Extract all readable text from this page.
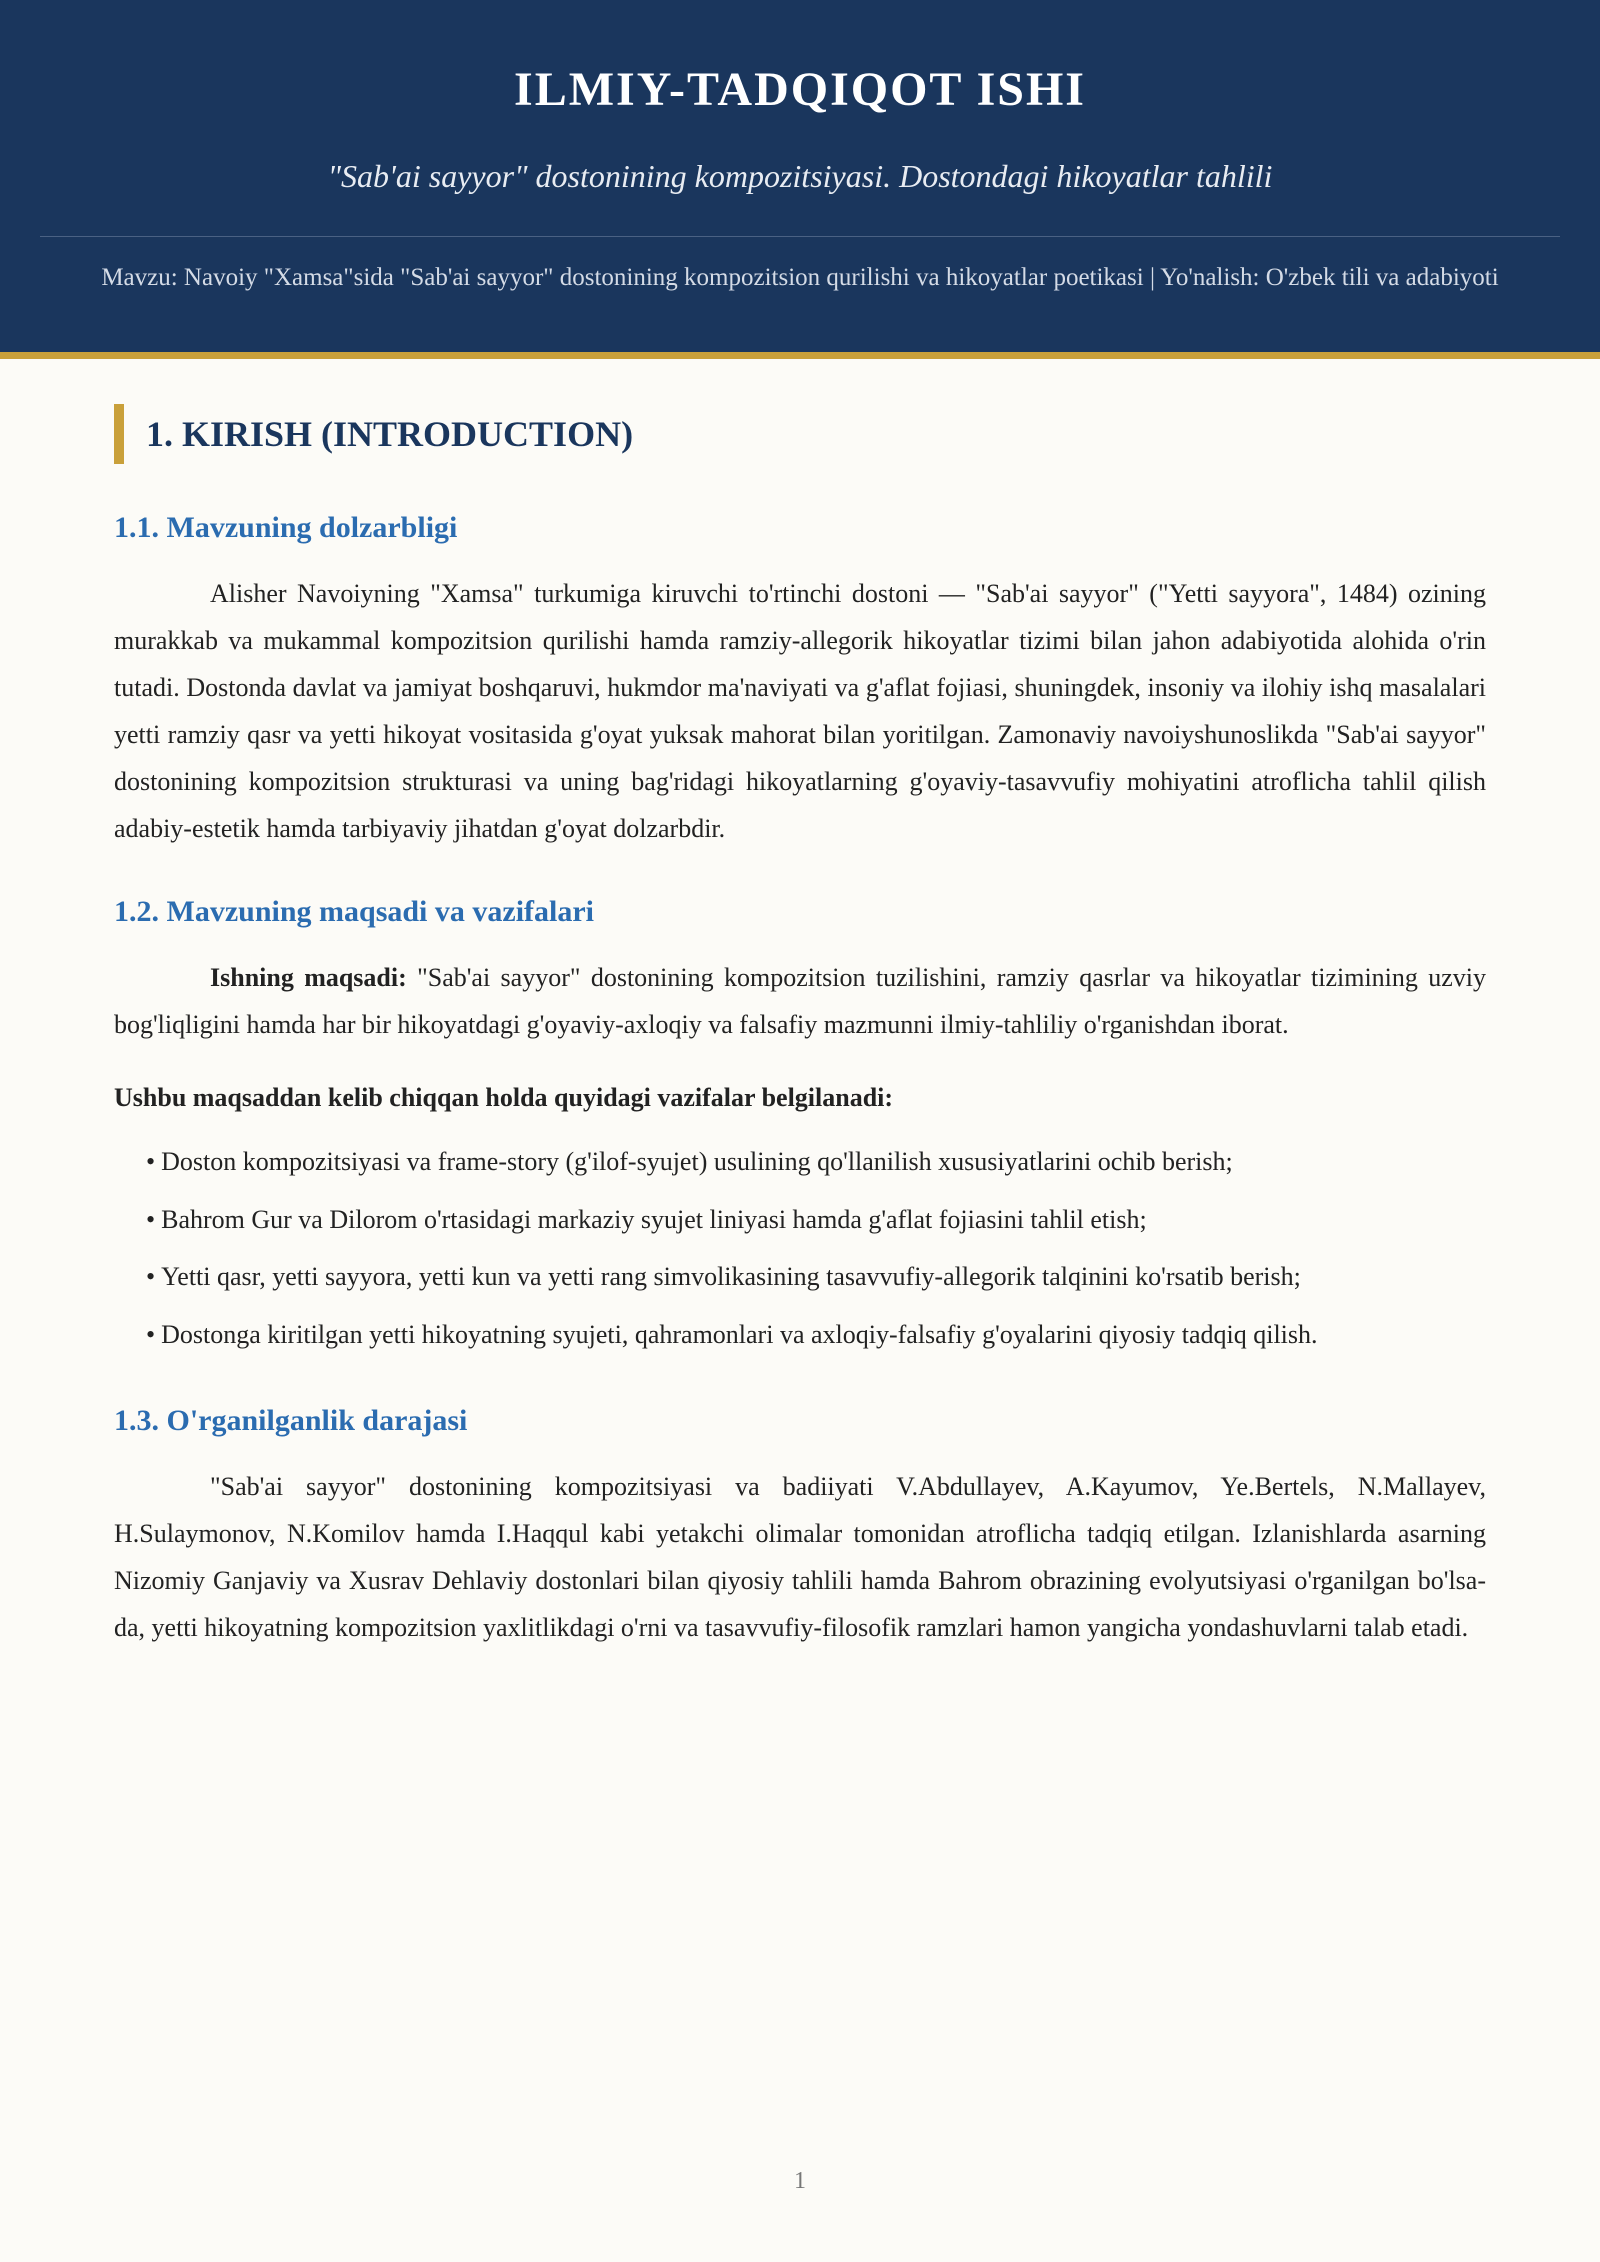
ILMIY-TADQIQOT ISHI

"Sab'ai sayyor" dostonining kompozitsiyasi. Dostondagi hikoyatlar tahlili

Mavzu: Navoiy "Xamsa"sida "Sab'ai sayyor" dostonining kompozitsion qurilishi va hikoyatlar poetikasi | Yo'nalish: O'zbek tili va adabiyoti

1. KIRISH (INTRODUCTION)
1.1. Mavzuning dolzarbligi

Alisher Navoiyning "Xamsa" turkumiga kiruvchi to'rtinchi dostoni — "Sab'ai sayyor" ("Yetti sayyora", 1484) ozining murakkab va mukammal kompozitsion qurilishi hamda ramziy-allegorik hikoyatlar tizimi bilan jahon adabiyotida alohida o'rin tutadi. Dostonda davlat va jamiyat boshqaruvi, hukmdor ma'naviyati va g'aflat fojiasi, shuningdek, insoniy va ilohiy ishq masalalari yetti ramziy qasr va yetti hikoyat vositasida g'oyat yuksak mahorat bilan yoritilgan. Zamonaviy navoiyshunoslikda "Sab'ai sayyor" dostonining kompozitsion strukturasi va uning bag'ridagi hikoyatlarning g'oyaviy-tasavvufiy mohiyatini atroflicha tahlil qilish adabiy-estetik hamda tarbiyaviy jihatdan g'oyat dolzarbdir.

1.2. Mavzuning maqsadi va vazifalari

Ishning maqsadi: "Sab'ai sayyor" dostonining kompozitsion tuzilishini, ramziy qasrlar va hikoyatlar tizimining uzviy bog'liqligini hamda har bir hikoyatdagi g'oyaviy-axloqiy va falsafiy mazmunni ilmiy-tahliliy o'rganishdan iborat.

Ushbu maqsaddan kelib chiqqan holda quyidagi vazifalar belgilanadi:

• Doston kompozitsiyasi va frame-story (g'ilof-syujet) usulining qo'llanilish xususiyatlarini ochib berish;
• Bahrom Gur va Dilorom o'rtasidagi markaziy syujet liniyasi hamda g'aflat fojiasini tahlil etish;
• Yetti qasr, yetti sayyora, yetti kun va yetti rang simvolikasining tasavvufiy-allegorik talqinini ko'rsatib berish;
• Dostonga kiritilgan yetti hikoyatning syujeti, qahramonlari va axloqiy-falsafiy g'oyalarini qiyosiy tadqiq qilish.
1.3. O'rganilganlik darajasi

"Sab'ai sayyor" dostonining kompozitsiyasi va badiiyati V.Abdullayev, A.Kayumov, Ye.Bertels, N.Mallayev, H.Sulaymonov, N.Komilov hamda I.Haqqul kabi yetakchi olimalar tomonidan atroflicha tadqiq etilgan. Izlanishlarda asarning Nizomiy Ganjaviy va Xusrav Dehlaviy dostonlari bilan qiyosiy tahlili hamda Bahrom obrazining evolyutsiyasi o'rganilgan bo'lsa-da, yetti hikoyatning kompozitsion yaxlitlikdagi o'rni va tasavvufiy-filosofik ramzlari hamon yangicha yondashuvlarni talab etadi.

1
